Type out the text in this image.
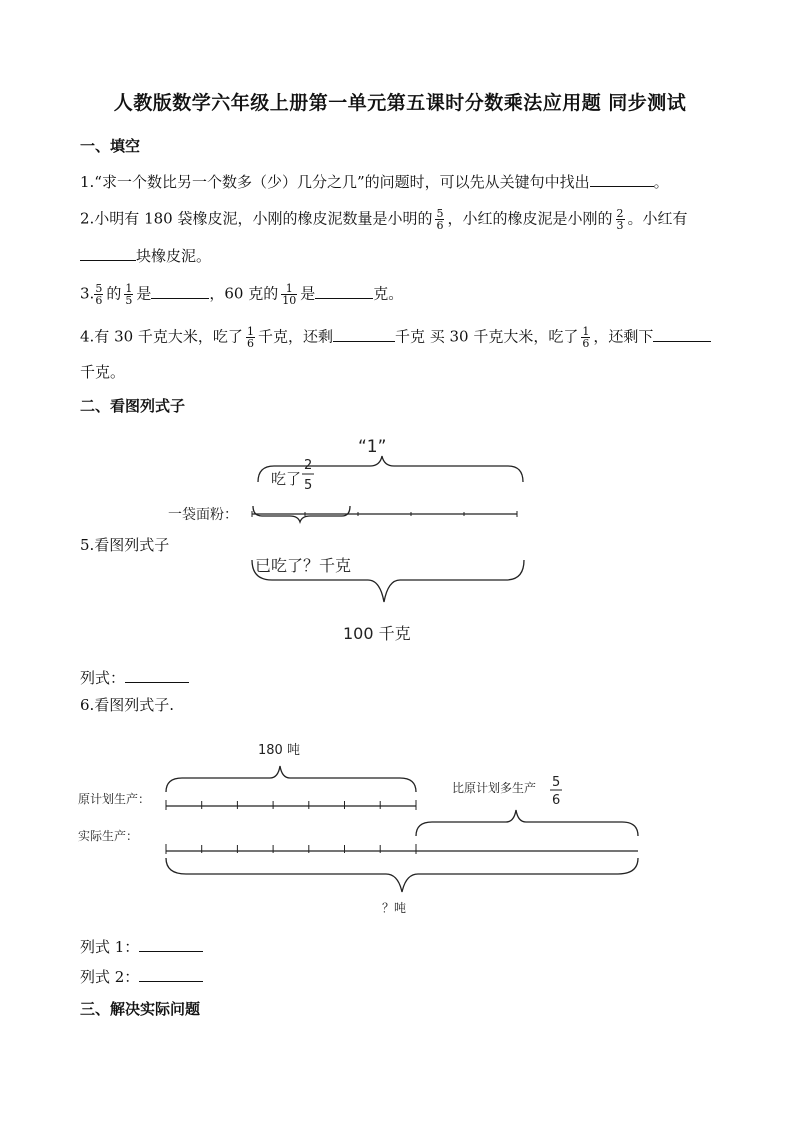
人教版数学六年级上册第一单元第五课时分数乘法应用题 同步测试
一、填空
1.“求一个数比另一个数多（少）几分之几”的问题时，可以先从关键句中找出	。
2.小明有 180 袋橡皮泥，小刚的橡皮泥数量是小明的 $\frac{5}{6}$ ，小红的橡皮泥是小刚的 $\frac{2}{3}$ 。小红有
块橡皮泥。
3. $\frac{5}{6}$ 的 $\frac{1}{5}$ 是	，60 克的 $\frac{1}{10}$ 是	克。
4.有 30 千克大米，吃了 $\frac{1}{6}$ 千克，还剩	千克 买 30 千克大米，吃了 $\frac{1}{6}$ ，还剩下
千克。
二、看图列式子
“1”
吃了
2
5
一袋面粉：
已吃了？千克
100 千克
5.看图列式子
列式：
6.看图列式子.
180 吨
原计划生产：
比原计划多生产 5
6
实际生产：
？吨
列式 1：
列式 2：
三、解决实际问题
